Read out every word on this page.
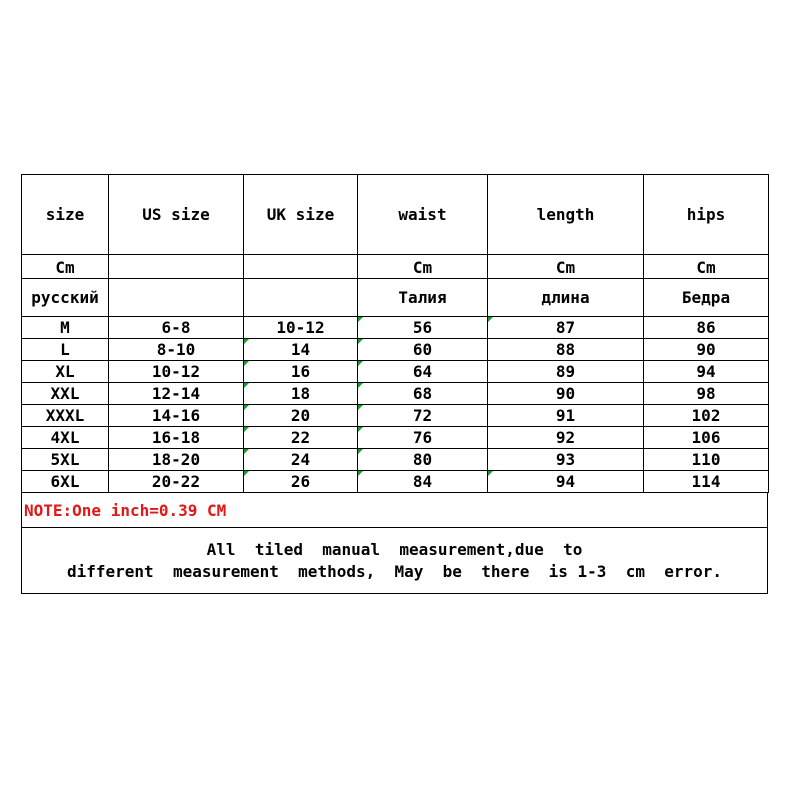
size	US size	UK size	waist	length	hips
Cm			Cm	Cm	Cm
русский			Талия	длина	Бедра
M	6-8	10-12	56	87	86
L	8-10	14	60	88	90
XL	10-12	16	64	89	94
XXL	12-14	18	68	90	98
XXXL	14-16	20	72	91	102
4XL	16-18	22	76	92	106
5XL	18-20	24	80	93	110
6XL	20-22	26	84	94	114
NOTE:One inch=0.39 CM
All  tiled  manual  measurement,due  to
different  measurement  methods,  May  be  there  is 1-3  cm  error.
